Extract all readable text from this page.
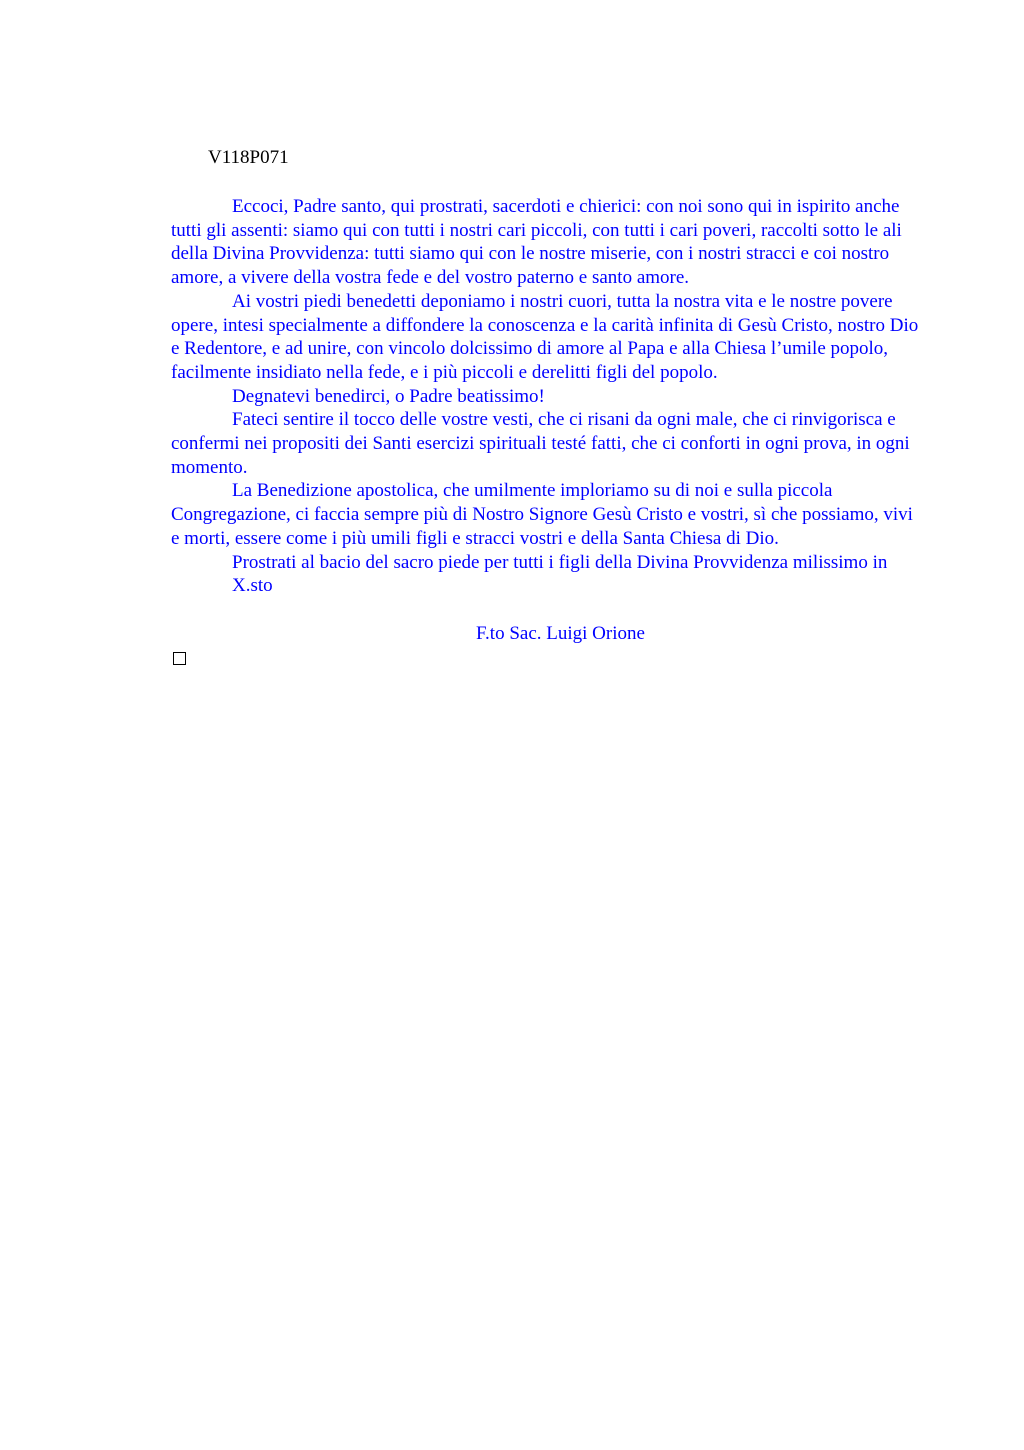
V118P071

Eccoci, Padre santo, qui prostrati, sacerdoti e chierici: con noi sono qui in ispirito anche tutti gli assenti: siamo qui con tutti i nostri cari piccoli, con tutti i cari poveri, raccolti sotto le ali della Divina Provvidenza: tutti siamo qui con le nostre miserie, con i nostri stracci e coi nostro amore, a vivere della vostra fede e del vostro paterno e santo amore.

Ai vostri piedi benedetti deponiamo i nostri cuori, tutta la nostra vita e le nostre povere opere, intesi specialmente a diffondere la conoscenza e la carità infinita di Gesù Cristo, nostro Dio e Redentore, e ad unire, con vincolo dolcissimo di amore al Papa e alla Chiesa l’umile popolo, facilmente insidiato nella fede, e i più piccoli e derelitti figli del popolo.

Degnatevi benedirci, o Padre beatissimo!

Fateci sentire il tocco delle vostre vesti, che ci risani da ogni male, che ci rinvigorisca e confermi nei propositi dei Santi esercizi spirituali testé fatti, che ci conforti in ogni prova, in ogni momento.

La Benedizione apostolica, che umilmente imploriamo su di noi e sulla piccola Congregazione, ci faccia sempre più di Nostro Signore Gesù Cristo e vostri, sì che possiamo, vivi e morti, essere come i più umili figli e stracci vostri e della Santa Chiesa di Dio.

Prostrati al bacio del sacro piede per tutti i figli della Divina Provvidenza milissimo in X.sto

F.to Sac. Luigi Orione
